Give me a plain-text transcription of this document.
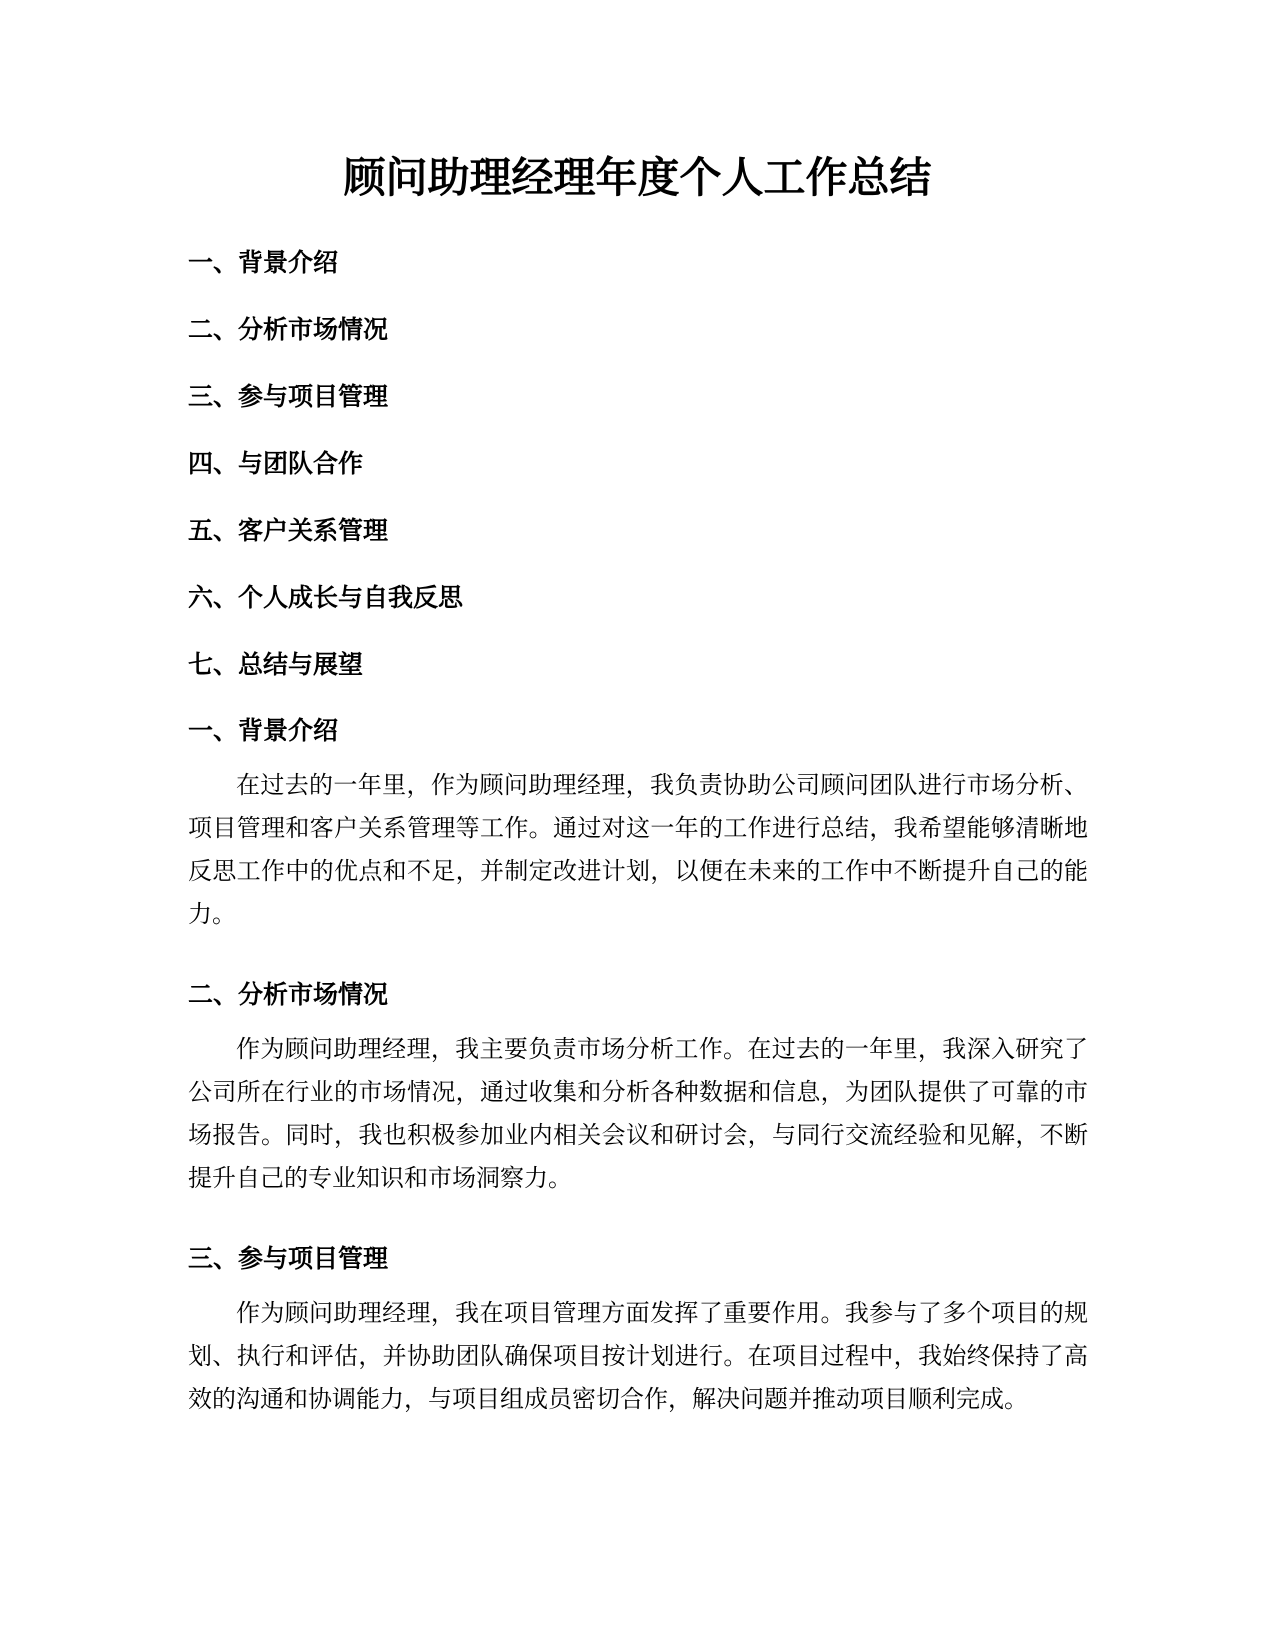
顾问助理经理年度个人工作总结
一、背景介绍
二、分析市场情况
三、参与项目管理
四、与团队合作
五、客户关系管理
六、个人成长与自我反思
七、总结与展望
一、背景介绍

在过去的一年里，作为顾问助理经理，我负责协助公司顾问团队进行市场分析、项目管理和客户关系管理等工作。通过对这一年的工作进行总结，我希望能够清晰地反思工作中的优点和不足，并制定改进计划，以便在未来的工作中不断提升自己的能力。

二、分析市场情况

作为顾问助理经理，我主要负责市场分析工作。在过去的一年里，我深入研究了公司所在行业的市场情况，通过收集和分析各种数据和信息，为团队提供了可靠的市场报告。同时，我也积极参加业内相关会议和研讨会，与同行交流经验和见解，不断提升自己的专业知识和市场洞察力。

三、参与项目管理

作为顾问助理经理，我在项目管理方面发挥了重要作用。我参与了多个项目的规划、执行和评估，并协助团队确保项目按计划进行。在项目过程中，我始终保持了高效的沟通和协调能力，与项目组成员密切合作，解决问题并推动项目顺利完成。
